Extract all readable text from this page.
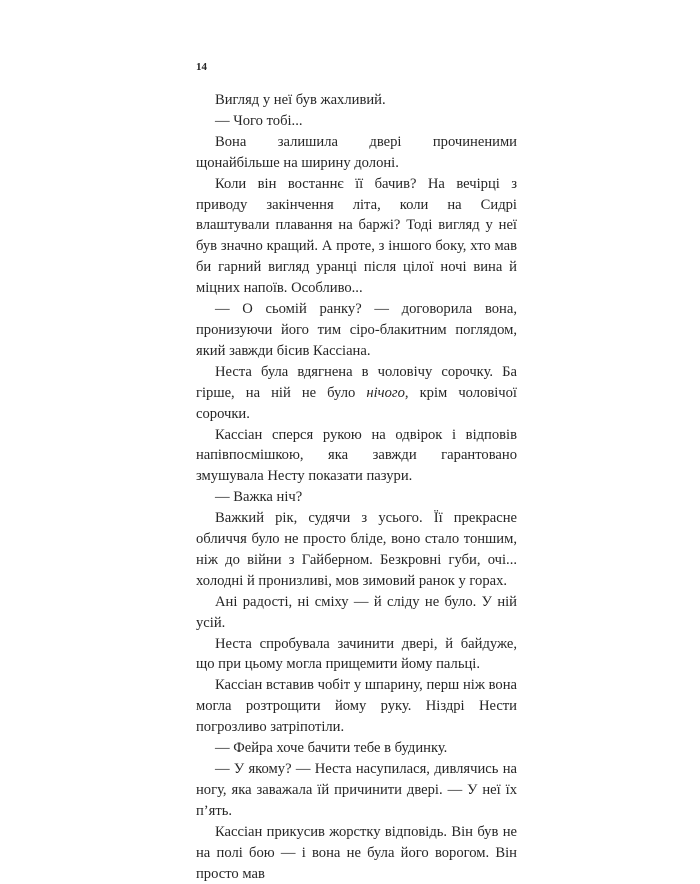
14

Вигляд у неї був жахливий.

— Чого тобі...

Вона залишила двері прочиненими щонайбільше на ширину долоні.

Коли він востаннє її бачив? На вечірці з приводу закінчення літа, коли на Сидрі влаштували плавання на баржі? Тоді вигляд у неї був значно кращий. А проте, з іншого боку, хто мав би гарний вигляд уранці після цілої ночі вина й міцних напоїв. Особливо...

— О сьомій ранку? — договорила вона, пронизуючи його тим сіро-блакитним поглядом, який завжди бісив Кассіана.

Неста була вдягнена в чоловічу сорочку. Ба гірше, на ній не було нічого, крім чоловічої сорочки.

Кассіан сперся рукою на одвірок і відповів напівпосмішкою, яка завжди гарантовано змушувала Несту показати пазури.

— Важка ніч?

Важкий рік, судячи з усього. Її прекрасне обличчя було не просто бліде, воно стало тоншим, ніж до війни з Гайберном. Безкровні губи, очі... холодні й пронизливі, мов зимовий ранок у горах.

Ані радості, ні сміху — й сліду не було. У ній усій.

Неста спробувала зачинити двері, й байдуже, що при цьому могла прищемити йому пальці.

Кассіан вставив чобіт у шпарину, перш ніж вона могла розтрощити йому руку. Ніздрі Нести погрозливо затріпотіли.

— Фейра хоче бачити тебе в будинку.

— У якому? — Неста насупилася, дивлячись на ногу, яка заважала їй причинити двері. — У неї їх п’ять.

Кассіан прикусив жорстку відповідь. Він був не на полі бою — і вона не була його ворогом. Він просто мав
